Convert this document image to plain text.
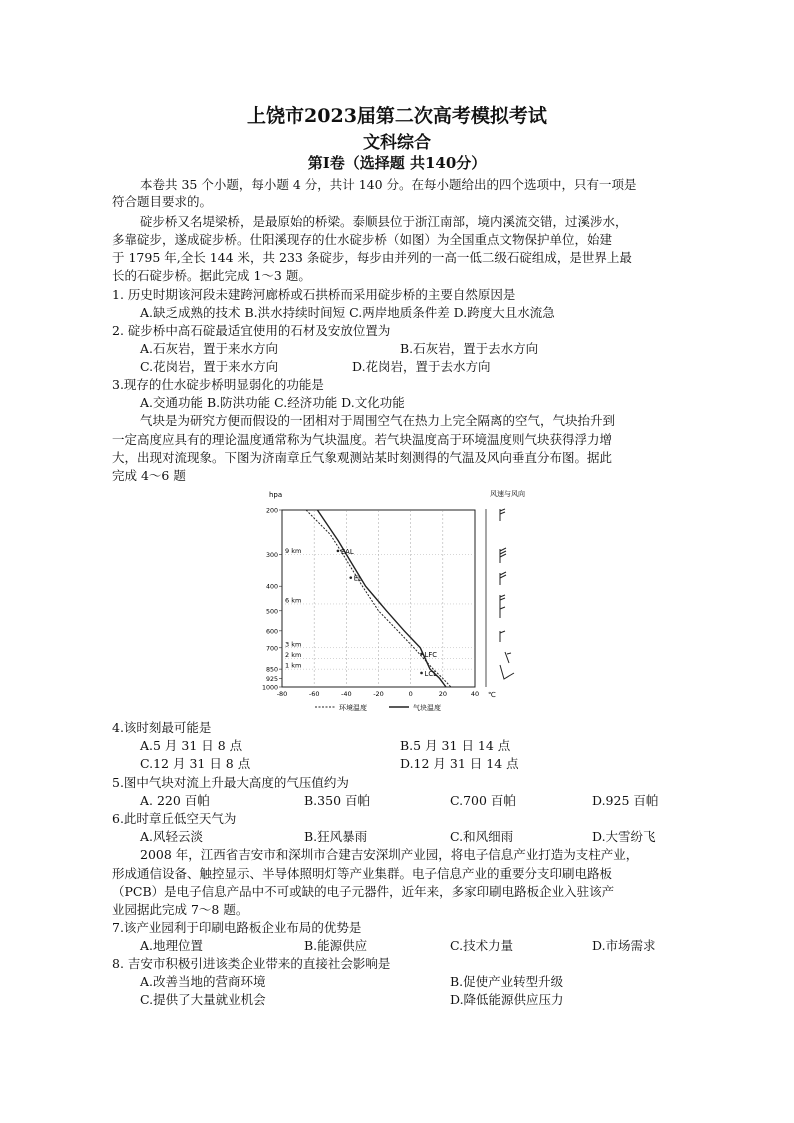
上饶市2023届第二次高考模拟考试
文科综合
第Ⅰ卷（选择题 共140分）
本卷共 35 个小题，每小题 4 分，共计 140 分。在每小题给出的四个选项中，只有一项是
符合题目要求的。
碇步桥又名堤梁桥，是最原始的桥梁。泰顺县位于浙江南部，境内溪流交错，过溪涉水，
多靠碇步，遂成碇步桥。仕阳溪现存的仕水碇步桥（如图）为全国重点文物保护单位，始建
于 1795 年,全长 144 米，共 233 条碇步，每步由并列的一高一低二级石碇组成，是世界上最
长的石碇步桥。据此完成 1～3 题。
1. 历史时期该河段未建跨河廊桥或石拱桥而采用碇步桥的主要自然原因是
A.缺乏成熟的技术 B.洪水持续时间短 C.两岸地质条件差 D.跨度大且水流急
2. 碇步桥中高石碇最适宜使用的石材及安放位置为
A.石灰岩，置于来水方向	B.石灰岩，置于去水方向
C.花岗岩，置于来水方向	D.花岗岩，置于去水方向
3.现存的仕水碇步桥明显弱化的功能是
A.交通功能 B.防洪功能 C.经济功能 D.文化功能
气块是为研究方便而假设的一团相对于周围空气在热力上完全隔离的空气，气块抬升到
一定高度应具有的理论温度通常称为气块温度。若气块温度高于环境温度则气块获得浮力增
大，出现对流现象。下图为济南章丘气象观测站某时刻测得的气温及风向垂直分布图。据此
完成 4～6 题
hpa
200
300
400
500
600
700
850
925
1000
-80	-60	-40	-20	0	20	40
9 km
6 km
3 km
2 km
1 km
EAL
EL
LFC
LCL
℃
环境温度	气块温度
风速与风向
4.该时刻最可能是
A.5 月 31 日 8 点	B.5 月 31 日 14 点
C.12 月 31 日 8 点	D.12 月 31 日 14 点
5.图中气块对流上升最大高度的气压值约为
A. 220 百帕	B.350 百帕	C.700 百帕	D.925 百帕
6.此时章丘低空天气为
A.风轻云淡	B.狂风暴雨	C.和风细雨	D.大雪纷飞
2008 年，江西省吉安市和深圳市合建吉安深圳产业园，将电子信息产业打造为支柱产业，
形成通信设备、触控显示、半导体照明灯等产业集群。电子信息产业的重要分支印刷电路板
（PCB）是电子信息产品中不可或缺的电子元器件，近年来，多家印刷电路板企业入驻该产
业园据此完成 7～8 题。
7.该产业园利于印刷电路板企业布局的优势是
A.地理位置	B.能源供应	C.技术力量	D.市场需求
8. 吉安市积极引进该类企业带来的直接社会影响是
A.改善当地的营商环境	B.促使产业转型升级
C.提供了大量就业机会	D.降低能源供应压力
